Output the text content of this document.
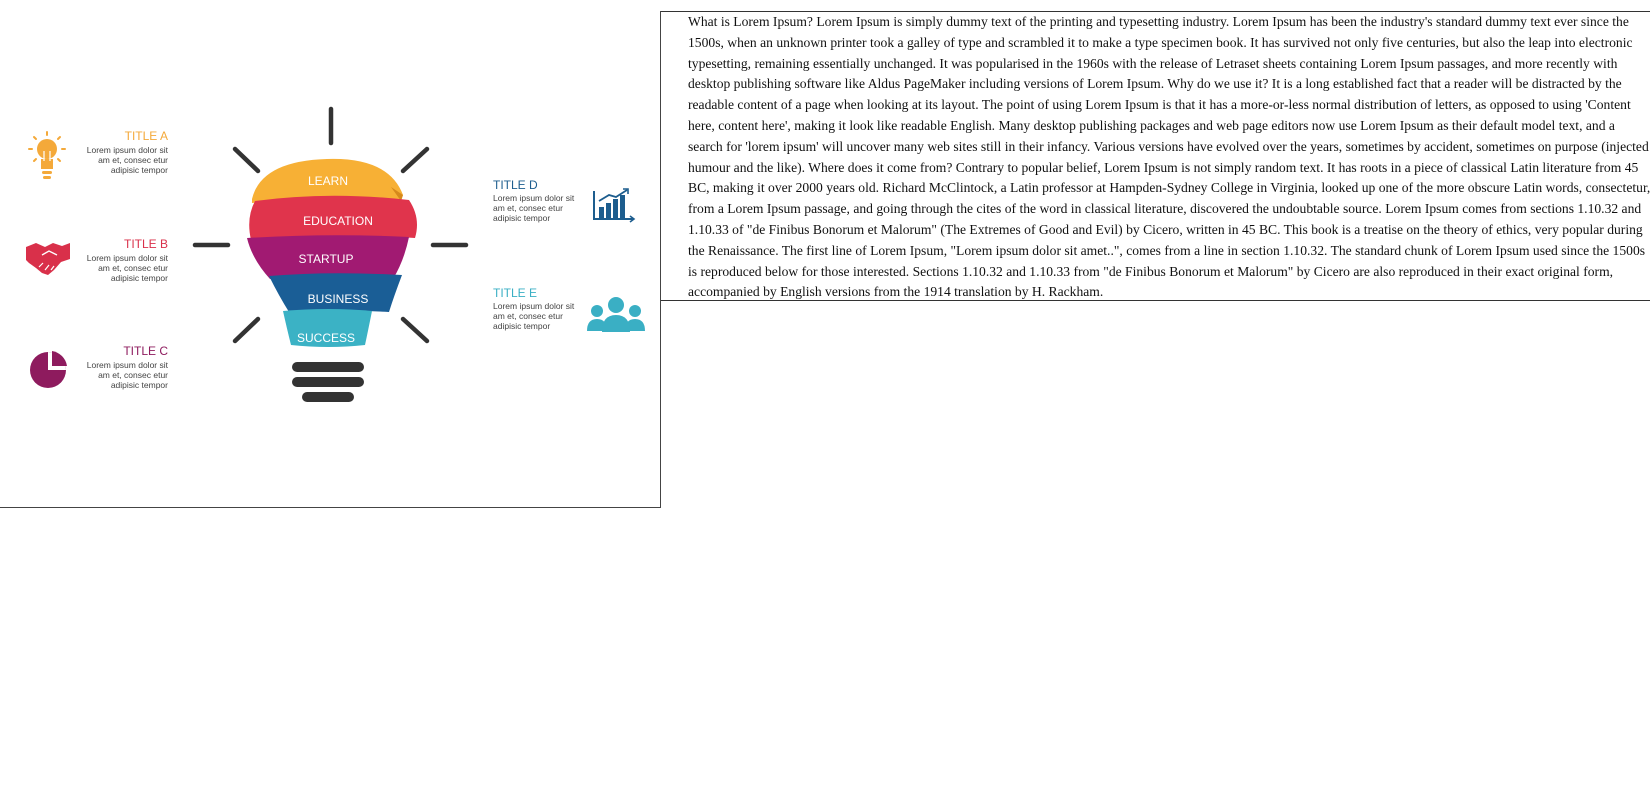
LEARN
EDUCATION
STARTUP
BUSINESS
SUCCESS
TITLE A
Lorem ipsum dolor sit
am et, consec etur
adipisic tempor
TITLE B
Lorem ipsum dolor sit
am et, consec etur
adipisic tempor
TITLE C
Lorem ipsum dolor sit
am et, consec etur
adipisic tempor
TITLE D
Lorem ipsum dolor sit
am et, consec etur
adipisic tempor
TITLE E
Lorem ipsum dolor sit
am et, consec etur
adipisic tempor

What is Lorem Ipsum? Lorem Ipsum is simply dummy text of the printing and typesetting industry. Lorem Ipsum has been the industry's standard dummy text ever since the 1500s, when an unknown printer took a galley of type and scrambled it to make a type specimen book. It has survived not only five centuries, but also the leap into electronic typesetting, remaining essentially unchanged. It was popularised in the 1960s with the release of Letraset sheets containing Lorem Ipsum passages, and more recently with desktop publishing software like Aldus PageMaker including versions of Lorem Ipsum. Why do we use it? It is a long established fact that a reader will be distracted by the readable content of a page when looking at its layout. The point of using Lorem Ipsum is that it has a more-or-less normal distribution of letters, as opposed to using 'Content here, content here', making it look like readable English. Many desktop publishing packages and web page editors now use Lorem Ipsum as their default model text, and a search for 'lorem ipsum' will uncover many web sites still in their infancy. Various versions have evolved over the years, sometimes by accident, sometimes on purpose (injected humour and the like). Where does it come from? Contrary to popular belief, Lorem Ipsum is not simply random text. It has roots in a piece of classical Latin literature from 45 BC, making it over 2000 years old. Richard McClintock, a Latin professor at Hampden-Sydney College in Virginia, looked up one of the more obscure Latin words, consectetur, from a Lorem Ipsum passage, and going through the cites of the word in classical literature, discovered the undoubtable source. Lorem Ipsum comes from sections 1.10.32 and 1.10.33 of "de Finibus Bonorum et Malorum" (The Extremes of Good and Evil) by Cicero, written in 45 BC. This book is a treatise on the theory of ethics, very popular during the Renaissance. The first line of Lorem Ipsum, "Lorem ipsum dolor sit amet..", comes from a line in section 1.10.32. The standard chunk of Lorem Ipsum used since the 1500s is reproduced below for those interested. Sections 1.10.32 and 1.10.33 from "de Finibus Bonorum et Malorum" by Cicero are also reproduced in their exact original form, accompanied by English versions from the 1914 translation by H. Rackham.
